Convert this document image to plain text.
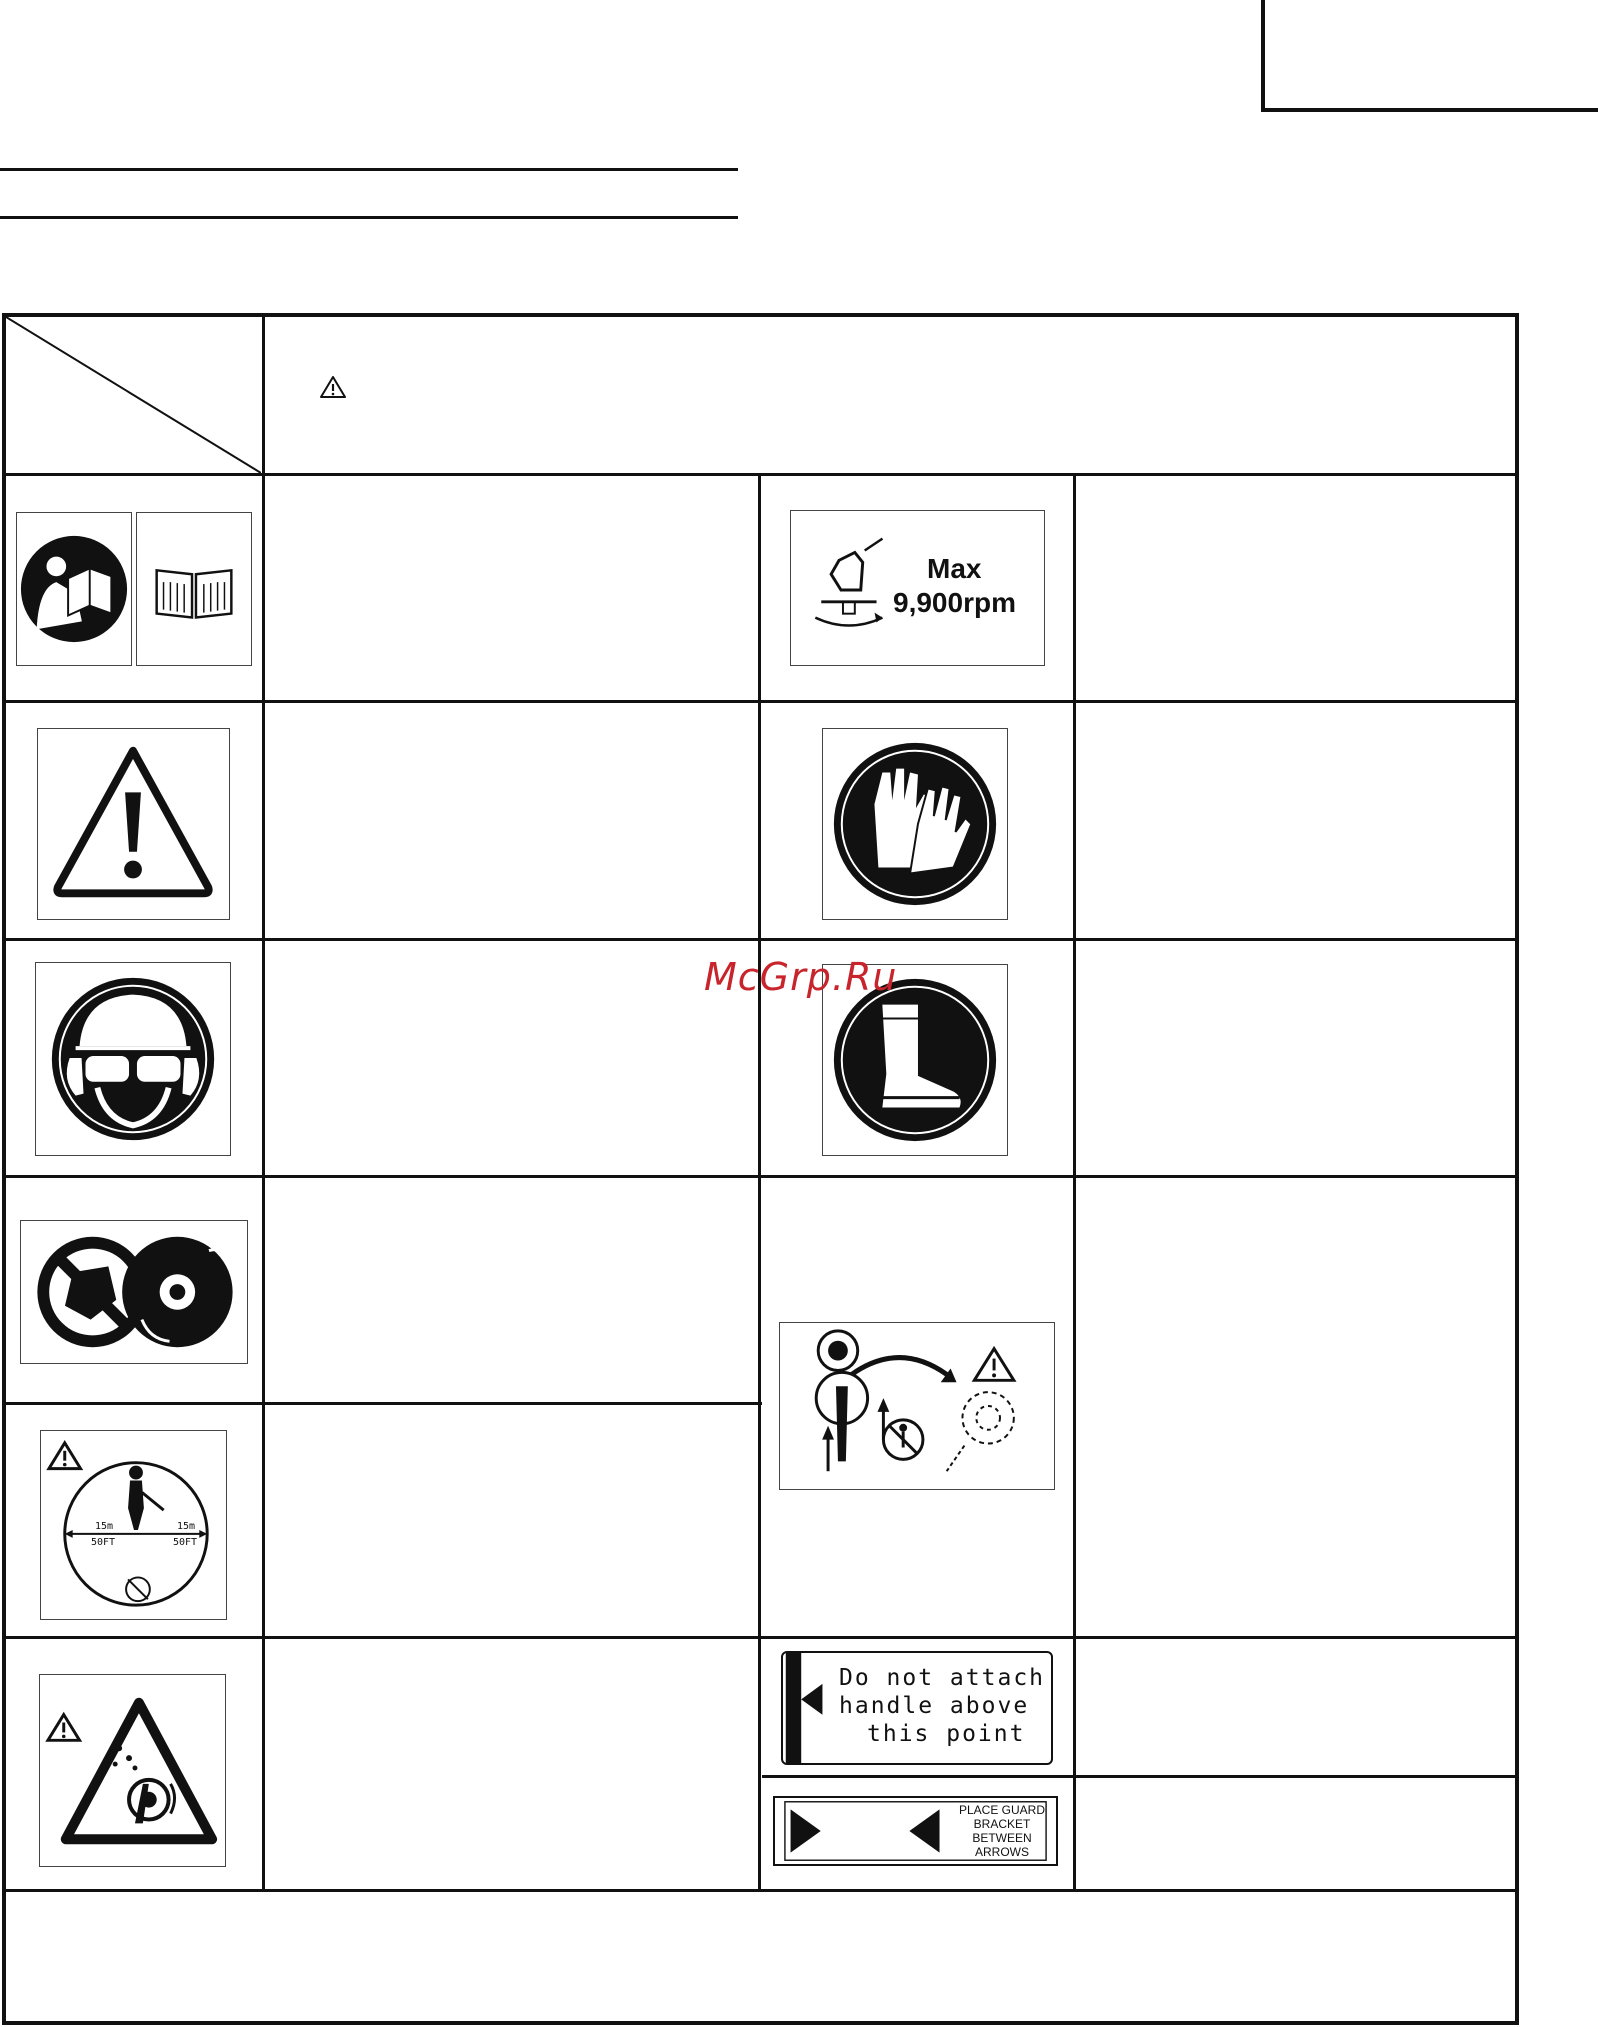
Max
9,900rpm
15m
50FT
15m
50FT
Do not attach
handle above
this point
PLACE GUARD
BRACKET
BETWEEN
ARROWS
McGrp.Ru
